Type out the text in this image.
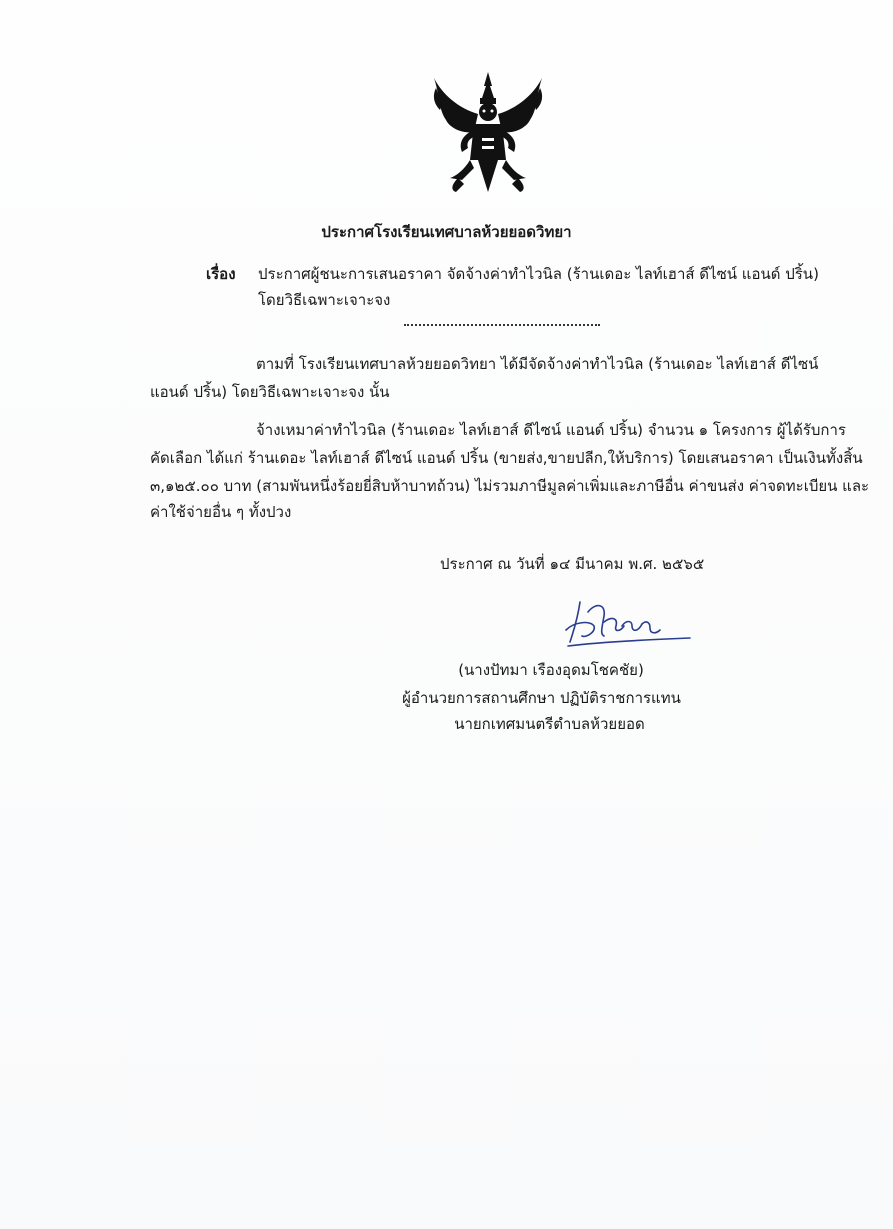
ประกาศโรงเรียนเทศบาลห้วยยอดวิทยา
เรื่อง ประกาศผู้ชนะการเสนอราคา จัดจ้างค่าทำไวนิล (ร้านเดอะ ไลท์เฮาส์ ดีไซน์ แอนด์ ปริ้น)
โดยวิธีเฉพาะเจาะจง
ตามที่ โรงเรียนเทศบาลห้วยยอดวิทยา ได้มีจัดจ้างค่าทำไวนิล (ร้านเดอะ ไลท์เฮาส์ ดีไซน์
แอนด์ ปริ้น) โดยวิธีเฉพาะเจาะจง นั้น
จ้างเหมาค่าทำไวนิล (ร้านเดอะ ไลท์เฮาส์ ดีไซน์ แอนด์ ปริ้น) จำนวน ๑ โครงการ ผู้ได้รับการ
คัดเลือก ได้แก่ ร้านเดอะ ไลท์เฮาส์ ดีไซน์ แอนด์ ปริ้น (ขายส่ง,ขายปลีก,ให้บริการ) โดยเสนอราคา เป็นเงินทั้งสิ้น
๓,๑๒๕.๐๐ บาท (สามพันหนึ่งร้อยยี่สิบห้าบาทถ้วน) ไม่รวมภาษีมูลค่าเพิ่มและภาษีอื่น ค่าขนส่ง ค่าจดทะเบียน และ
ค่าใช้จ่ายอื่น ๆ ทั้งปวง
ประกาศ ณ วันที่ ๑๔ มีนาคม พ.ศ. ๒๕๖๕
(นางปัทมา เรืองอุดมโชคชัย)
ผู้อำนวยการสถานศึกษา ปฏิบัติราชการแทน
นายกเทศมนตรีตำบลห้วยยอด
